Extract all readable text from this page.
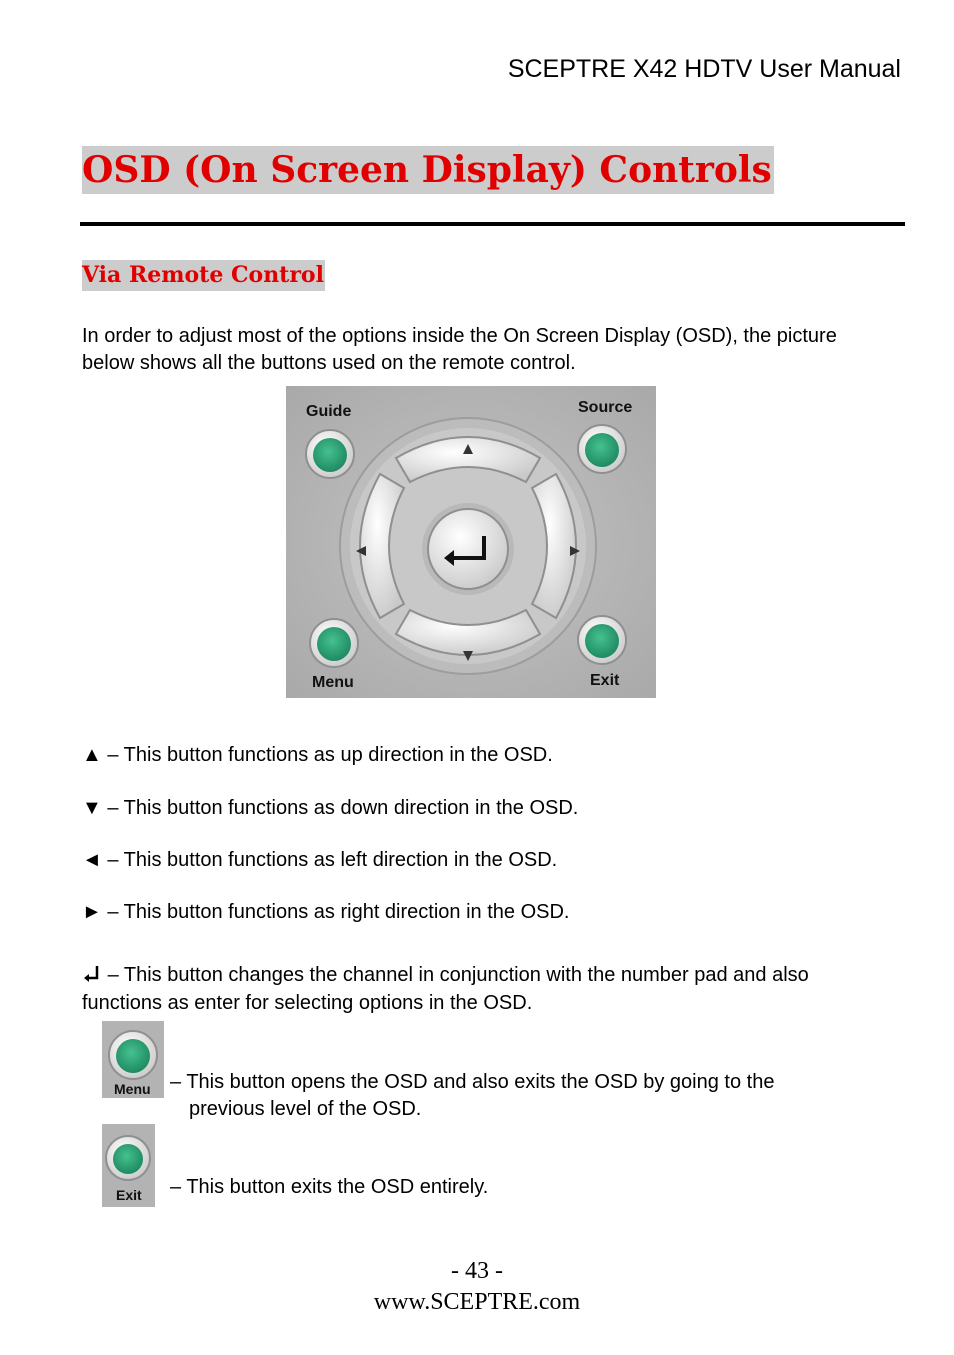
SCEPTRE X42 HDTV User Manual
OSD (On Screen Display) Controls
Via Remote Control
In order to adjust most of the options inside the On Screen Display (OSD), the picture below shows all the buttons used on the remote control.
Guide	Source
Menu	Exit
▲ – This button functions as up direction in the OSD.
▼ – This button functions as down direction in the OSD.
◄ – This button functions as left direction in the OSD.
► – This button functions as right direction in the OSD.
– This button changes the channel in conjunction with the number pad and also functions as enter for selecting options in the OSD.
Menu – This button opens the OSD and also exits the OSD by going to the
previous level of the OSD.
Exit – This button exits the OSD entirely.
- 43 -
www.SCEPTRE.com
